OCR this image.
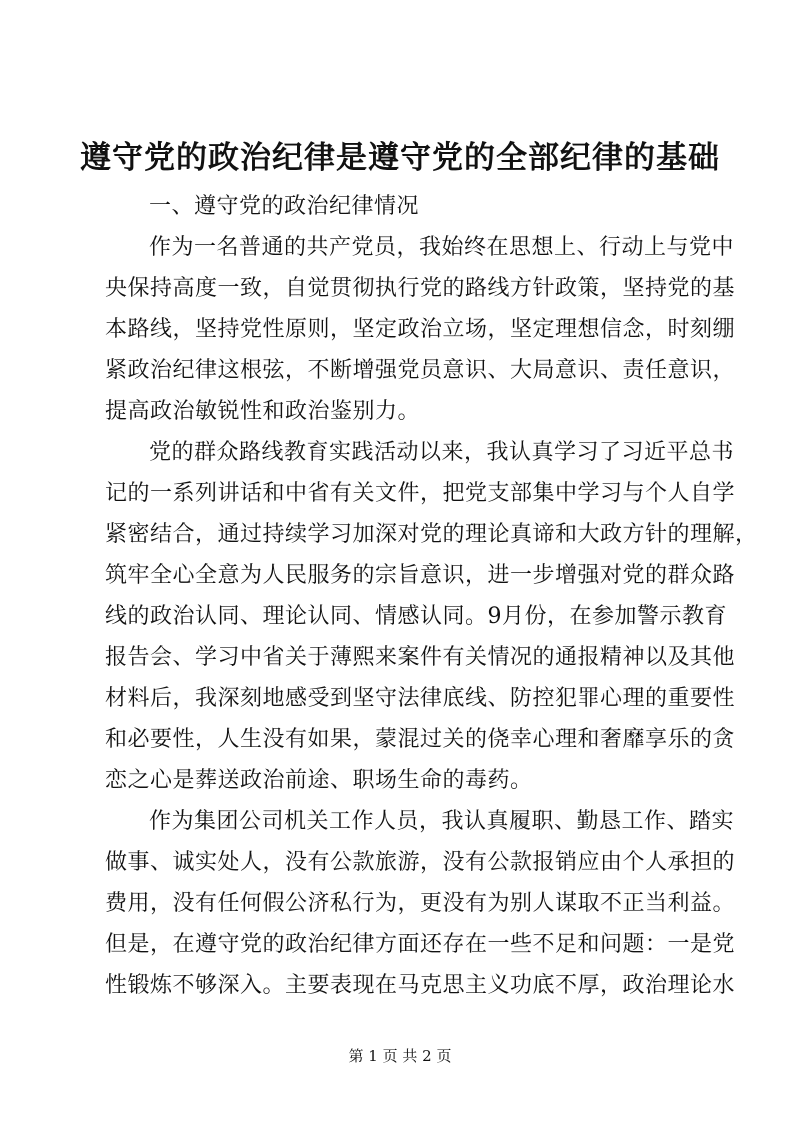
遵守党的政治纪律是遵守党的全部纪律的基础
一、遵守党的政治纪律情况
作为一名普通的共产党员，我始终在思想上、行动上与党中
央保持高度一致，自觉贯彻执行党的路线方针政策，坚持党的基
本路线，坚持党性原则，坚定政治立场，坚定理想信念，时刻绷
紧政治纪律这根弦，不断增强党员意识、大局意识、责任意识，
提高政治敏锐性和政治鉴别力。
党的群众路线教育实践活动以来，我认真学习了习近平总书
记的一系列讲话和中省有关文件，把党支部集中学习与个人自学
紧密结合，通过持续学习加深对党的理论真谛和大政方针的理解，
筑牢全心全意为人民服务的宗旨意识，进一步增强对党的群众路
线的政治认同、理论认同、情感认同。9月份，在参加警示教育
报告会、学习中省关于薄熙来案件有关情况的通报精神以及其他
材料后，我深刻地感受到坚守法律底线、防控犯罪心理的重要性
和必要性，人生没有如果，蒙混过关的侥幸心理和奢靡享乐的贪
恋之心是葬送政治前途、职场生命的毒药。
作为集团公司机关工作人员，我认真履职、勤恳工作、踏实
做事、诚实处人，没有公款旅游，没有公款报销应由个人承担的
费用，没有任何假公济私行为，更没有为别人谋取不正当利益。
但是，在遵守党的政治纪律方面还存在一些不足和问题：一是党
性锻炼不够深入。主要表现在马克思主义功底不厚，政治理论水
第 1 页 共 2 页
